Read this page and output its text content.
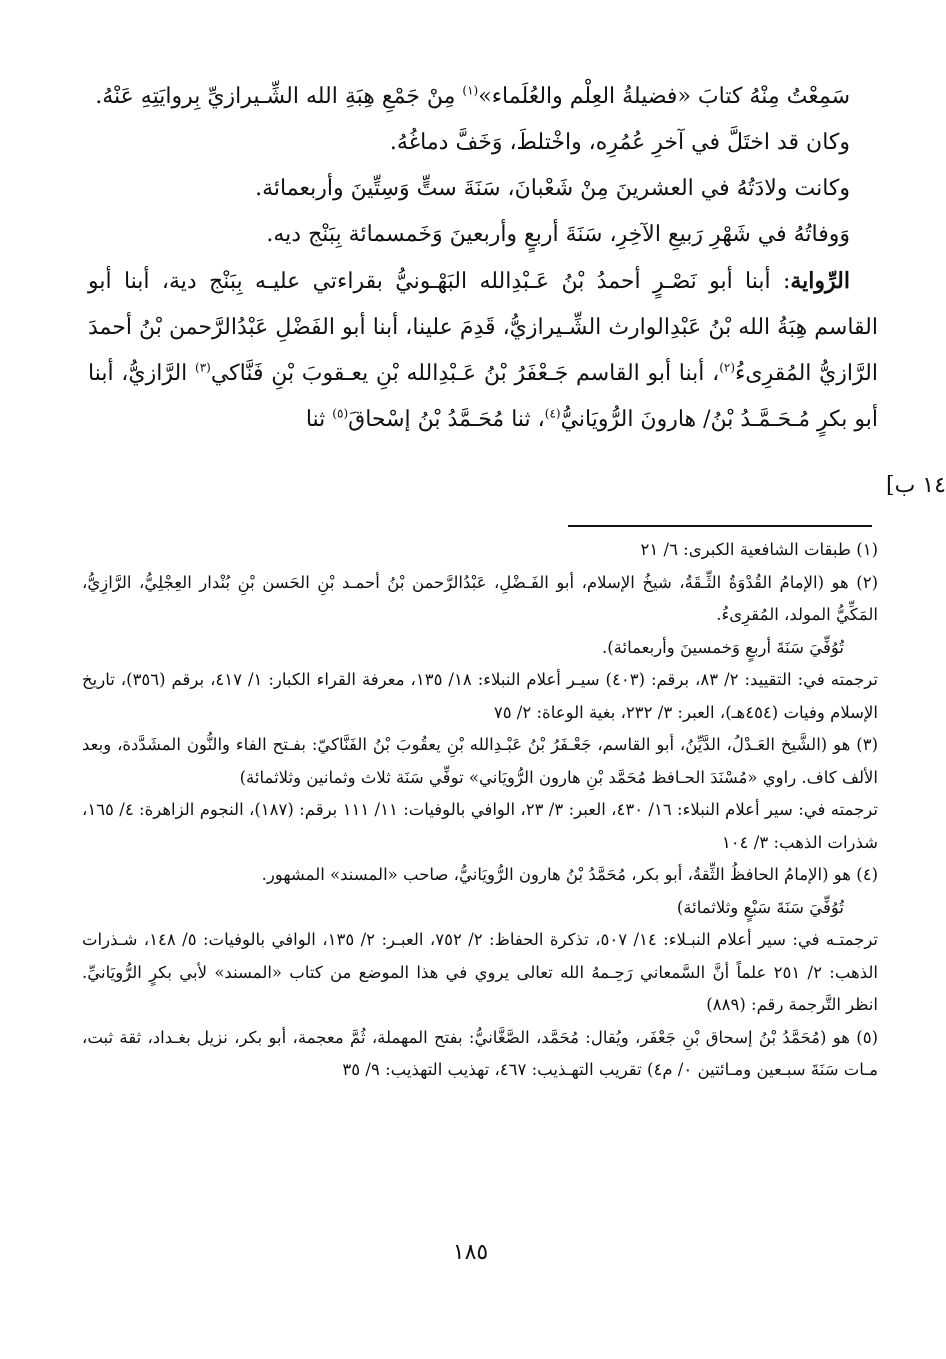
سَمِعْتُ مِنْهُ كتابَ «فضيلةُ العِلْم والعُلَماء»$^{(١)}$ مِنْ جَمْعِ هِبَةِ الله الشِّـيرازيِّ بِروايَتِهِ عَنْهُ.

وكان قد اختَلَّ في آخرِ عُمُرِه، واخْتلطَ، وَخَفَّ دماغُهُ.

وكانت ولادَتُهُ في العشرينَ مِنْ شَعْبانَ، سَنَةَ ستٍّ وَسِتِّينَ وأربعمائة.

وَوفاتُهُ في شَهْرِ رَبيعِ الآخِرِ، سَنَةَ أربعٍ وأربعينَ وَخَمسمائة بِبَنْج ديه.

الرِّواية: أبنا أبو نَصْـرٍ أحمدُ بْنُ عَـبْدِالله البَهْـونيُّ بقراءتي عليـه بِبَنْج دية، أبنا أبو القاسم هِبَةُ الله بْنُ عَبْدِالوارث الشِّـيرازيُّ، قَدِمَ علينا، أبنا أبو الفَضْلِ عَبْدُالرَّحمن بْنُ أحمدَ الرَّازيُّ المُقرِىءُ$^{(٢)}$، أبنا أبو القاسم جَـعْفَرُ بْنُ عَـبْدِالله بْنِ يعـقوبَ بْنِ فَنَّاكي$^{(٣)}$ الرَّازيُّ، أبنا أبو بكرٍ مُـحَـمَّـدُ بْنُ/ هارونَ الرُّويَانيُّ$^{(٤)}$، ثنا مُحَـمَّدُ بْنُ إسْحاقَ$^{(٥)}$ ثنا

١٤ ب]

(١) طبقات الشافعية الكبرى: ٦/ ٢١

(٢) هو (الإمامُ القُدْوَةُ الثِّـقَةُ، شيخُ الإسلام، أبو الفَـضْلِ، عَبْدُالرَّحمن بْنُ أحمـد بْنِ الحَسن بْنِ بُنْدار العِجْلِيُّ، الرَّازِيُّ، المَكِّيُّ المولد، المُقرِىءُ.

تُوُفِّيَ سَنَةَ أربعٍ وَخمسينَ وأربعمائة).

ترجمته في: التقييد: ٢/ ٨٣، برقم: (٤٠٣) سيـر أعلام النبلاء: ١٨/ ١٣٥، معرفة القراء الكبار: ١/ ٤١٧، برقم (٣٥٦)، تاريخ الإسلام وفيات (٤٥٤هـ)، العبر: ٣/ ٢٣٢، بغية الوعاة: ٢/ ٧٥

(٣) هو (الشَّيخ العَـدْلُ، الدَّيِّنُ، أبو القاسم، جَعْـفَرُ بْنُ عَبْـدِالله بْنِ يعقُوبَ بْنُ الفَنَّاكيّ: بفـتح الفاء والنُّون المشَدَّدة، وبعد الألف كاف. راوي «مُسْنَدَ الحـافظ مُحَمَّد بْنِ هارون الرُّويَاني» توفِّي سَنَة ثلاث وثمانين وثلاثمائة)

ترجمته في: سير أعلام النبلاء: ١٦/ ٤٣٠، العبر: ٣/ ٢٣، الوافي بالوفيات: ١١/ ١١١ برقم: (١٨٧)، النجوم الزاهرة: ٤/ ١٦٥، شذرات الذهب: ٣/ ١٠٤

(٤) هو (الإمامُ الحافظُ الثِّقةُ، أبو بكر، مُحَمَّدُ بْنُ هارون الرُّويَانيُّ، صاحب «المسند» المشهور.

تُوُفِّيَ سَنَةَ سَبْعٍ وثلاثمائة)

ترجمتـه في: سير أعلام النبـلاء: ١٤/ ٥٠٧، تذكرة الحفاظ: ٢/ ٧٥٢، العبـر: ٢/ ١٣٥، الوافي بالوفيات: ٥/ ١٤٨، شـذرات الذهب: ٢/ ٢٥١ علماً أنَّ السَّمعاني رَحِـمهُ الله تعالى يروي في هذا الموضع من كتاب «المسند» لأبي بكرٍ الرُّويَانيِّ. انظر التَّرجمة رقم: (٨٨٩)

(٥) هو (مُحَمَّدُ بْنُ إسحاق بْنِ جَعْفَر، ويُقال: مُحَمَّد، الصَّغَّانيُّ: بفتح المهملة، ثُمَّ معجمة، أبو بكر، نزيل بغـداد، ثقة ثبت، مـات سَنَةَ سبـعين ومـائتين ٠/ م٤) تقريب التهـذيب: ٤٦٧، تهذيب التهذيب: ٩/ ٣٥

١٨٥
